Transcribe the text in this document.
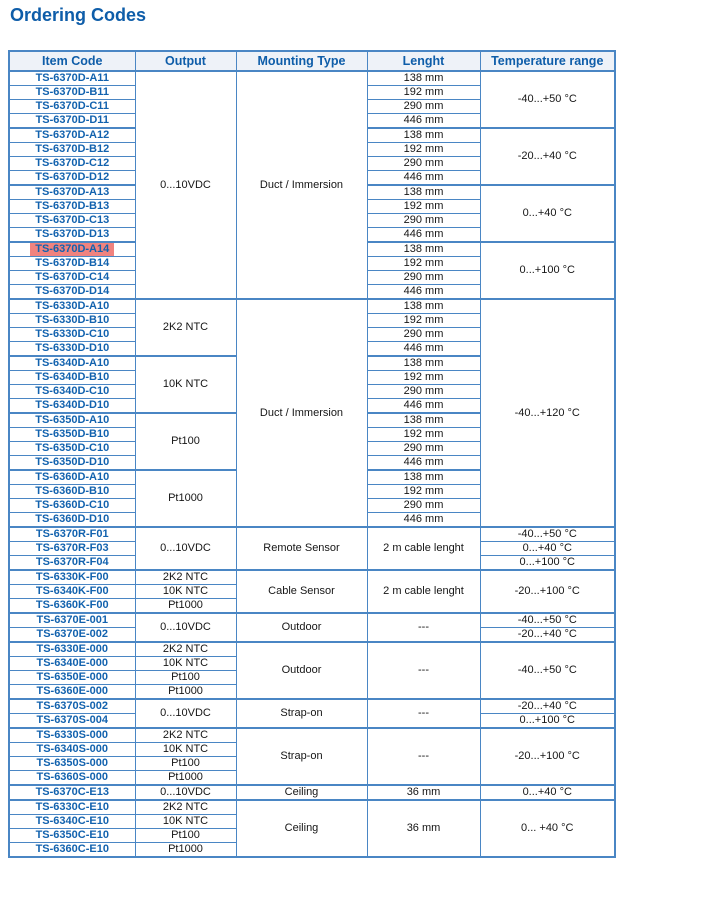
Ordering Codes
Item Code	Output	Mounting Type	Lenght	Temperature range
TS-6370D-A11	0...10VDC	Duct / Immersion	138 mm	-40...+50 °C
TS-6370D-B11			192 mm	
TS-6370D-C11			290 mm	
TS-6370D-D11			446 mm	
TS-6370D-A12			138 mm	-20...+40 °C
TS-6370D-B12			192 mm	
TS-6370D-C12			290 mm	
TS-6370D-D12			446 mm	
TS-6370D-A13			138 mm	0...+40 °C
TS-6370D-B13			192 mm	
TS-6370D-C13			290 mm	
TS-6370D-D13			446 mm	
TS-6370D-A14			138 mm	0...+100 °C
TS-6370D-B14			192 mm	
TS-6370D-C14			290 mm	
TS-6370D-D14			446 mm	
TS-6330D-A10	2K2 NTC	Duct / Immersion	138 mm	-40...+120 °C
TS-6330D-B10			192 mm	
TS-6330D-C10			290 mm	
TS-6330D-D10			446 mm	
TS-6340D-A10	10K NTC		138 mm	
TS-6340D-B10			192 mm	
TS-6340D-C10			290 mm	
TS-6340D-D10			446 mm	
TS-6350D-A10	Pt100		138 mm	
TS-6350D-B10			192 mm	
TS-6350D-C10			290 mm	
TS-6350D-D10			446 mm	
TS-6360D-A10	Pt1000		138 mm	
TS-6360D-B10			192 mm	
TS-6360D-C10			290 mm	
TS-6360D-D10			446 mm	
TS-6370R-F01	0...10VDC	Remote Sensor	2 m cable lenght	-40...+50 °C
TS-6370R-F03				0...+40 °C
TS-6370R-F04				0...+100 °C
TS-6330K-F00	2K2 NTC	Cable Sensor	2 m cable lenght	-20...+100 °C
TS-6340K-F00	10K NTC			
TS-6360K-F00	Pt1000			
TS-6370E-001	0...10VDC	Outdoor	---	-40...+50 °C
TS-6370E-002				-20...+40 °C
TS-6330E-000	2K2 NTC	Outdoor	---	-40...+50 °C
TS-6340E-000	10K NTC			
TS-6350E-000	Pt100			
TS-6360E-000	Pt1000			
TS-6370S-002	0...10VDC	Strap-on	---	-20...+40 °C
TS-6370S-004				0...+100 °C
TS-6330S-000	2K2 NTC	Strap-on	---	-20...+100 °C
TS-6340S-000	10K NTC			
TS-6350S-000	Pt100			
TS-6360S-000	Pt1000			
TS-6370C-E13	0...10VDC	Ceiling	36 mm	0...+40 °C
TS-6330C-E10	2K2 NTC	Ceiling	36 mm	0... +40 °C
TS-6340C-E10	10K NTC			
TS-6350C-E10	Pt100			
TS-6360C-E10	Pt1000			
